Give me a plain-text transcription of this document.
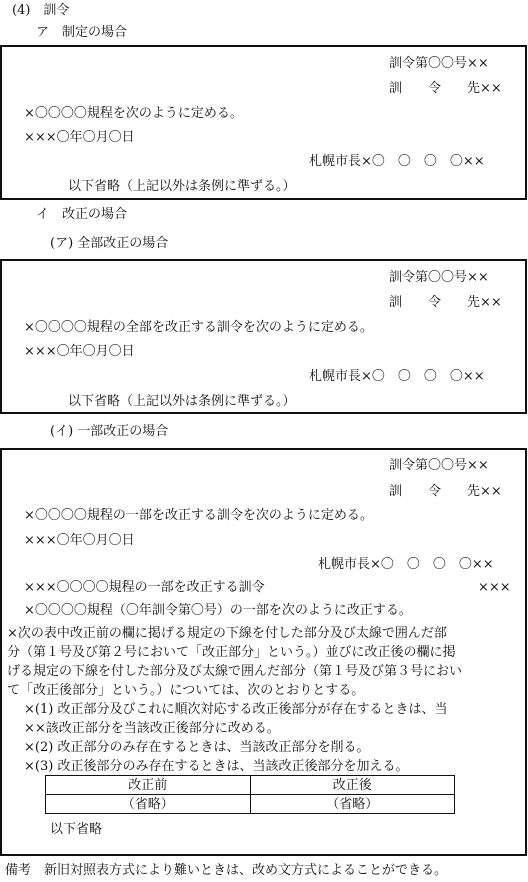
(4)　訓令
ア　制定の場合
訓令第〇〇号××
訓　　令　　先××
×〇〇〇〇規程を次のように定める。
×××〇年〇月〇日
札幌市長×〇　〇　〇　〇××
以下省略（上記以外は条例に準ずる。）
イ　改正の場合
(ア) 全部改正の場合
訓令第〇〇号××
訓　　令　　先××
×〇〇〇〇規程の全部を改正する訓令を次のように定める。
×××〇年〇月〇日
札幌市長×〇　〇　〇　〇××
以下省略（上記以外は条例に準ずる。）
(イ) 一部改正の場合
訓令第〇〇号××
訓　　令　　先××
×〇〇〇〇規程の一部を改正する訓令を次のように定める。
×××〇年〇月〇日
札幌市長×〇　〇　〇　〇××
×××〇〇〇〇規程の一部を改正する訓令	×××
×〇〇〇〇規程（〇年訓令第〇号）の一部を次のように改正する。
×次の表中改正前の欄に掲げる規定の下線を付した部分及び太線で囲んだ部
分（第１号及び第２号において「改正部分」という。）並びに改正後の欄に掲
げる規定の下線を付した部分及び太線で囲んだ部分（第１号及び第３号におい
て「改正後部分」という。）については、次のとおりとする。
×(1) 改正部分及びこれに順次対応する改正後部分が存在するときは、当
××該改正部分を当該改正後部分に改める。
×(2) 改正部分のみ存在するときは、当該改正部分を削る。
×(3) 改正後部分のみ存在するときは、当該改正後部分を加える。
改正前	改正後
（省略）	（省略）
以下省略
備考　新旧対照表方式により難いときは、改め文方式によることができる。
